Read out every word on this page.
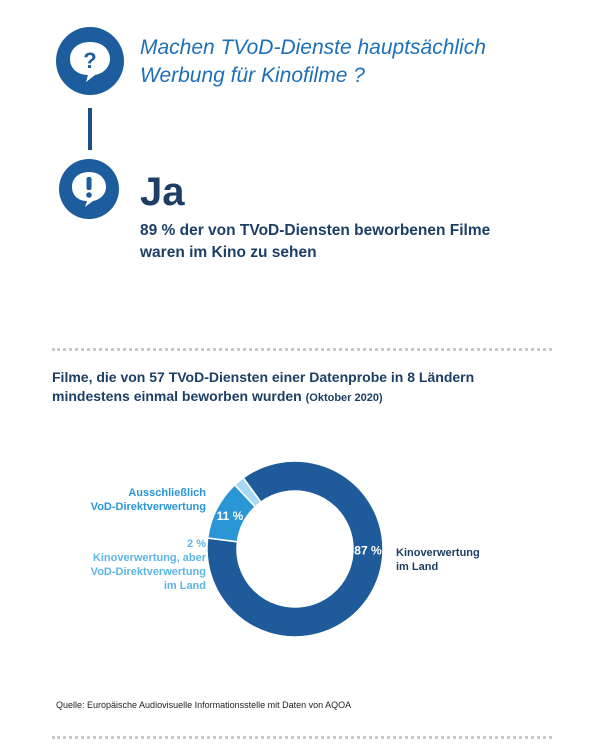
?
Machen TVoD-Dienste hauptsächlich
Werbung für Kinofilme ?
Ja
89 % der von TVoD-Diensten beworbenen Filme
waren im Kino zu sehen
Filme, die von 57 TVoD-Diensten einer Datenprobe in 8 Ländern mindestens einmal beworben wurden (Oktober 2020)
87 %
11 %
Kinoverwertung
im Land
Ausschließlich
VoD-Direktverwertung
2 %
Kinoverwertung, aber
VoD-Direktverwertung
im Land
Quelle: Europäische Audiovisuelle Informationsstelle mit Daten von AQOA
